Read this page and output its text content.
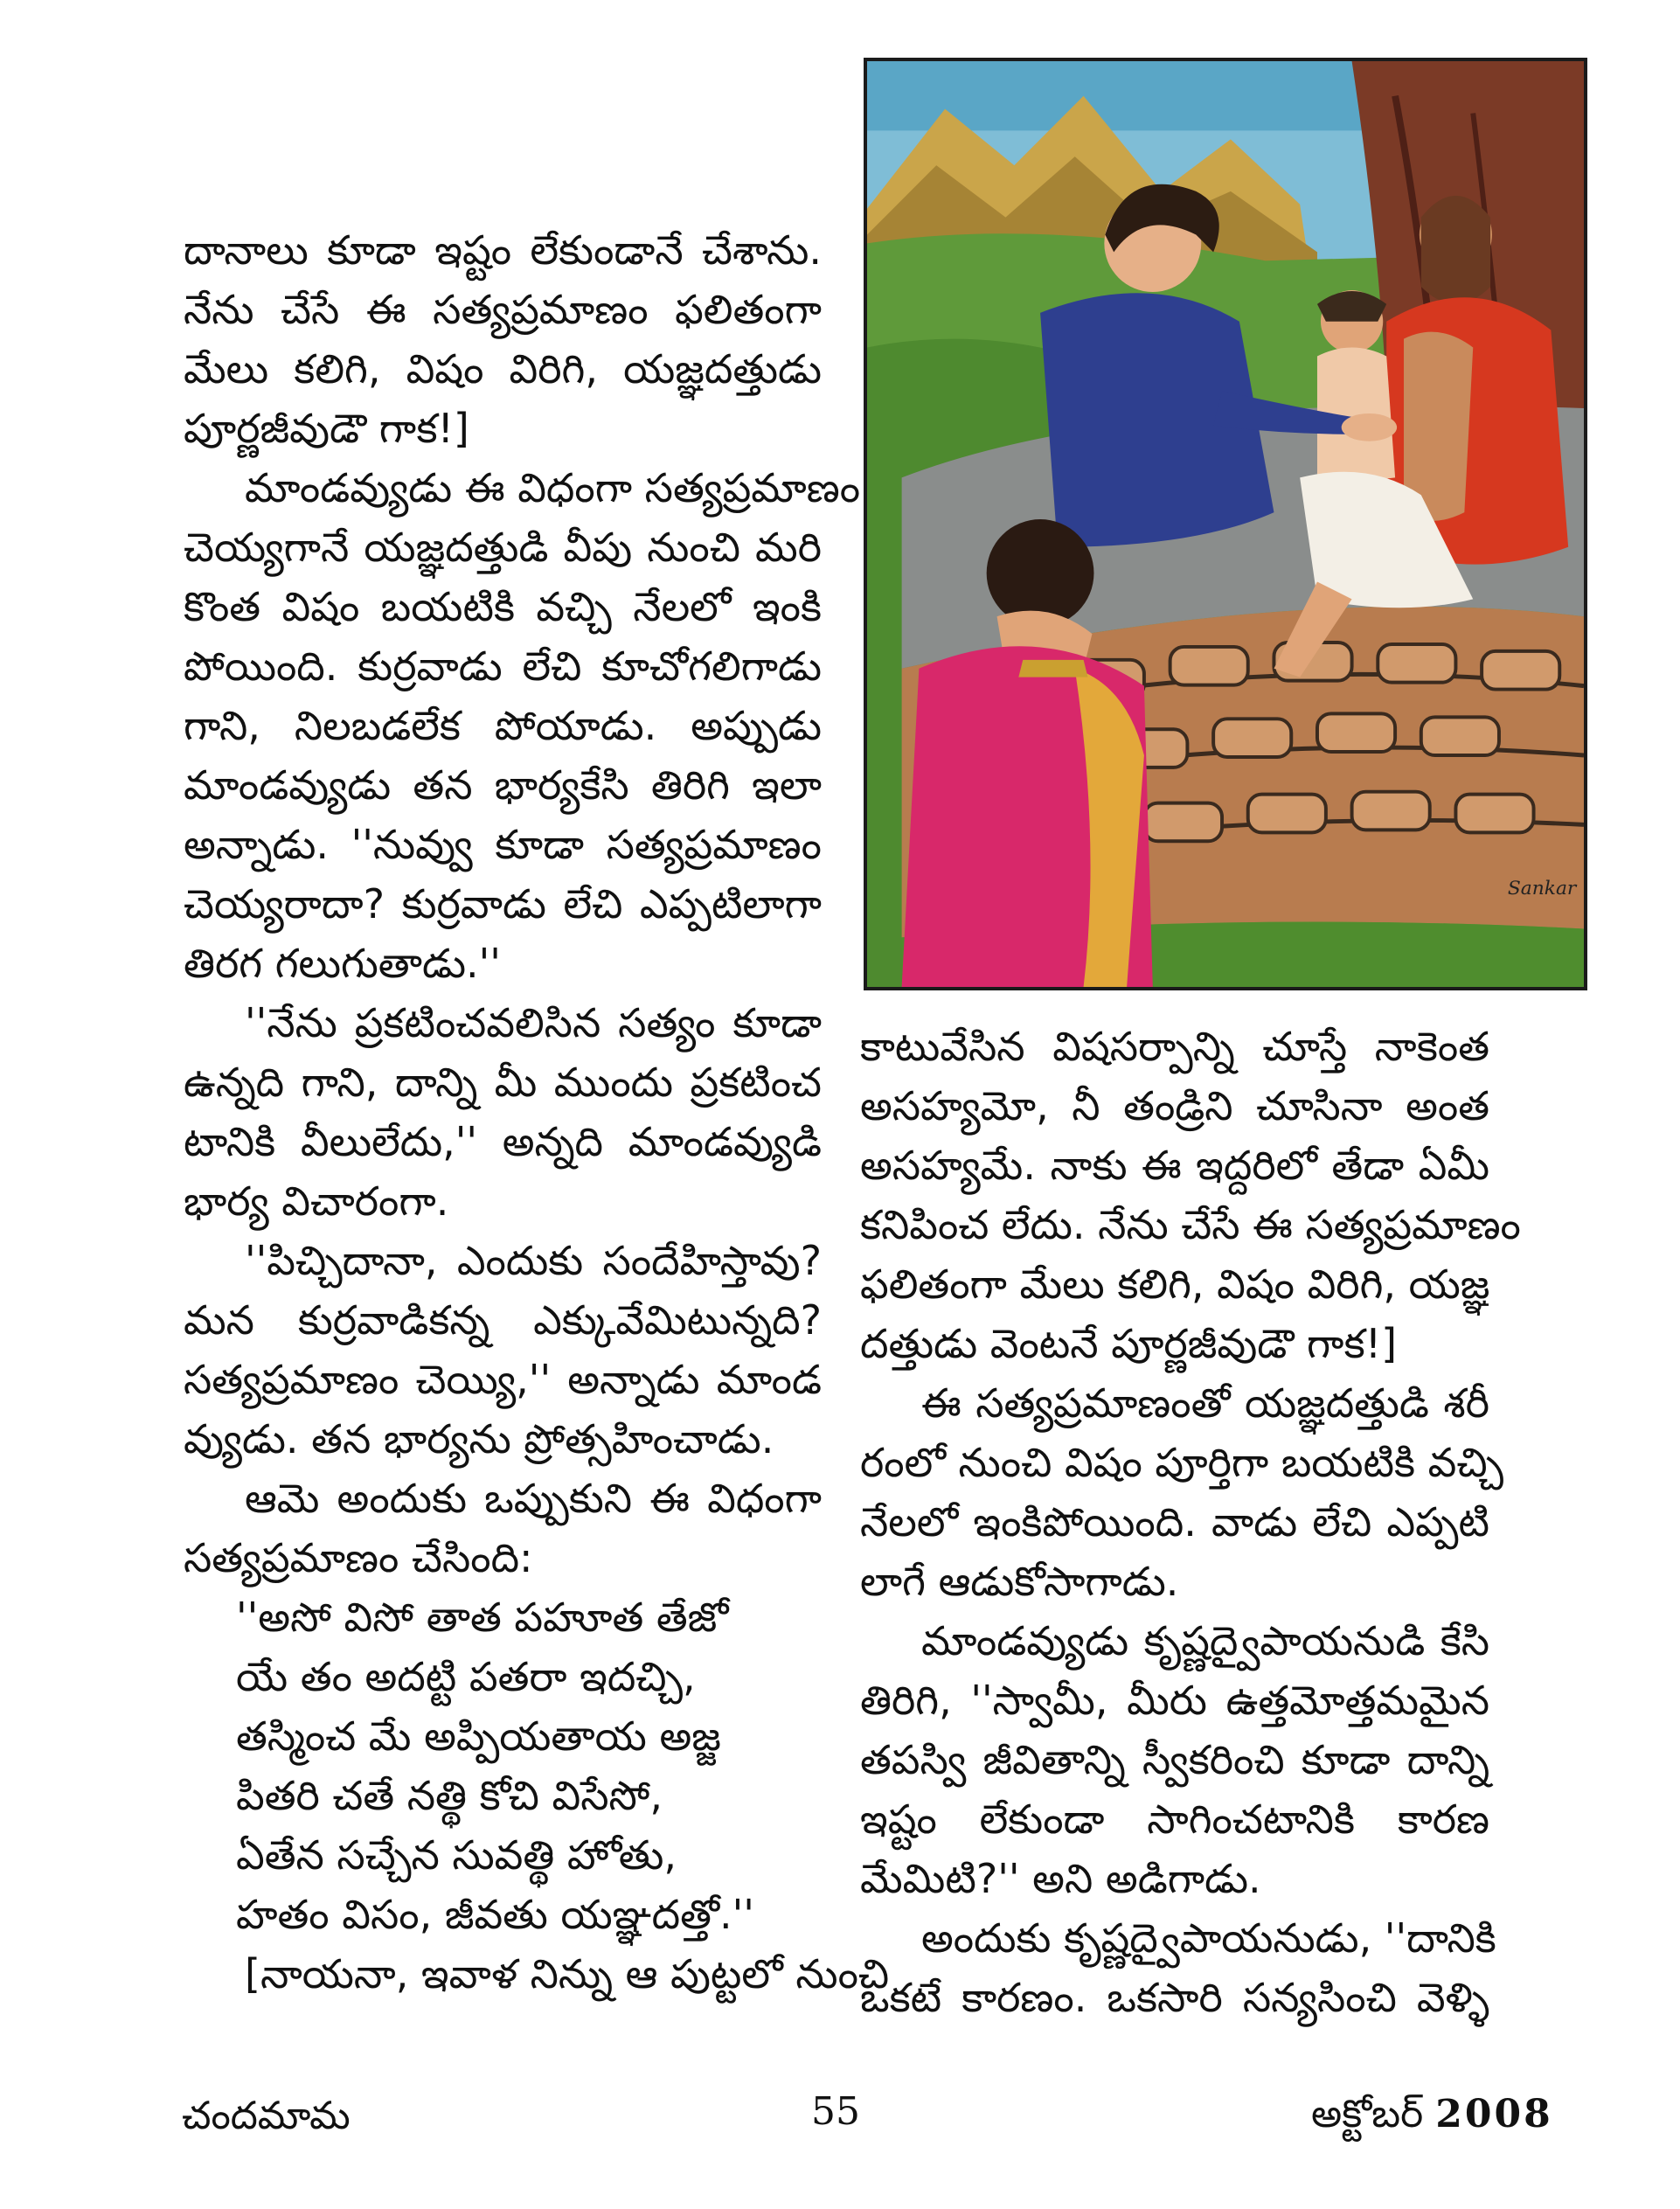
Sankar

దానాలు కూడా ఇష్టం లేకుండానే చేశాను.

నేను చేసే ఈ సత్యప్రమాణం ఫలితంగా

మేలు కలిగి, విషం విరిగి, యజ్ఞదత్తుడు

పూర్ణజీవుడౌ గాక!]

మాండవ్యుడు ఈ విధంగా సత్యప్రమాణం

చెయ్యగానే యజ్ఞదత్తుడి వీపు నుంచి మరి

కొంత విషం బయటికి వచ్చి నేలలో ఇంకి

పోయింది. కుర్రవాడు లేచి కూచోగలిగాడు

గాని, నిలబడలేక పోయాడు. అప్పుడు

మాండవ్యుడు తన భార్యకేసి తిరిగి ఇలా

అన్నాడు. ''నువ్వు కూడా సత్యప్రమాణం

చెయ్యరాదా? కుర్రవాడు లేచి ఎప్పటిలాగా

తిరగ గలుగుతాడు.''

''నేను ప్రకటించవలిసిన సత్యం కూడా

ఉన్నది గాని, దాన్ని మీ ముందు ప్రకటించ

టానికి వీలులేదు,'' అన్నది మాండవ్యుడి

భార్య విచారంగా.

''పిచ్చిదానా, ఎందుకు సందేహిస్తావు?

మన కుర్రవాడికన్న ఎక్కువేమిటున్నది?

సత్యప్రమాణం చెయ్యి,'' అన్నాడు మాండ

వ్యుడు. తన భార్యను ప్రోత్సహించాడు.

ఆమె అందుకు ఒప్పుకుని ఈ విధంగా

సత్యప్రమాణం చేసింది:

''అసో విసో తాత పహూత తేజో

యే తం అదట్టి పతరా ఇదచ్చి,

తస్మించ మే అప్పియతాయ అజ్జ

పితరి చతే నత్థి కోచి విసేసో,

ఏతేన సచ్చేన సువత్థి హోతు,

హతం విసం, జీవతు యఞ్ఞదత్తో.''

[నాయనా, ఇవాళ నిన్ను ఆ పుట్టలో నుంచి

కాటువేసిన విషసర్పాన్ని చూస్తే నాకెంత

అసహ్యమో, నీ తండ్రిని చూసినా అంత

అసహ్యమే. నాకు ఈ ఇద్దరిలో తేడా ఏమీ

కనిపించ లేదు. నేను చేసే ఈ సత్యప్రమాణం

ఫలితంగా మేలు కలిగి, విషం విరిగి, యజ్ఞ

దత్తుడు వెంటనే పూర్ణజీవుడౌ గాక!]

ఈ సత్యప్రమాణంతో యజ్ఞదత్తుడి శరీ

రంలో నుంచి విషం పూర్తిగా బయటికి వచ్చి

నేలలో ఇంకిపోయింది. వాడు లేచి ఎప్పటి

లాగే ఆడుకోసాగాడు.

మాండవ్యుడు కృష్ణద్వైపాయనుడి కేసి

తిరిగి, ''స్వామీ, మీరు ఉత్తమోత్తమమైన

తపస్వి జీవితాన్ని స్వీకరించి కూడా దాన్ని

ఇష్టం లేకుండా సాగించటానికి కారణ

మేమిటి?'' అని అడిగాడు.

అందుకు కృష్ణద్వైపాయనుడు, ''దానికి

ఒకటే కారణం. ఒకసారి సన్యసించి వెళ్ళి

చందమామ	55	అక్టోబర్ 2008
